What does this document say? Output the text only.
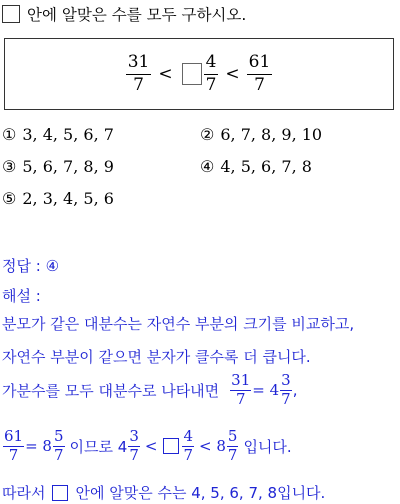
안에 알맞은 수를 모두 구하시오.
$\frac{31}{7} < \frac{4}{7} < \frac{61}{7}$
① 3, 4, 5, 6, 7	② 6, 7, 8, 9, 10
③ 5, 6, 7, 8, 9	④ 4, 5, 6, 7, 8
⑤ 2, 3, 4, 5, 6
정답 : ④
해설 :
분모가 같은 대분수는 자연수 부분의 크기를 비교하고,
자연수 부분이 같으면 분자가 클수록 더 큽니다.
가분수를 모두 대분수로 나타내면 $\frac{31}{7} = 4 \frac{3}{7}$ ,
$\frac{61}{7} = 8 \frac{5}{7}$ 이므로 $4 \frac{3}{7} < \frac{4}{7} < 8 \frac{5}{7}$ 입니다.
따라서 안에 알맞은 수는 4, 5, 6, 7, 8입니다.
